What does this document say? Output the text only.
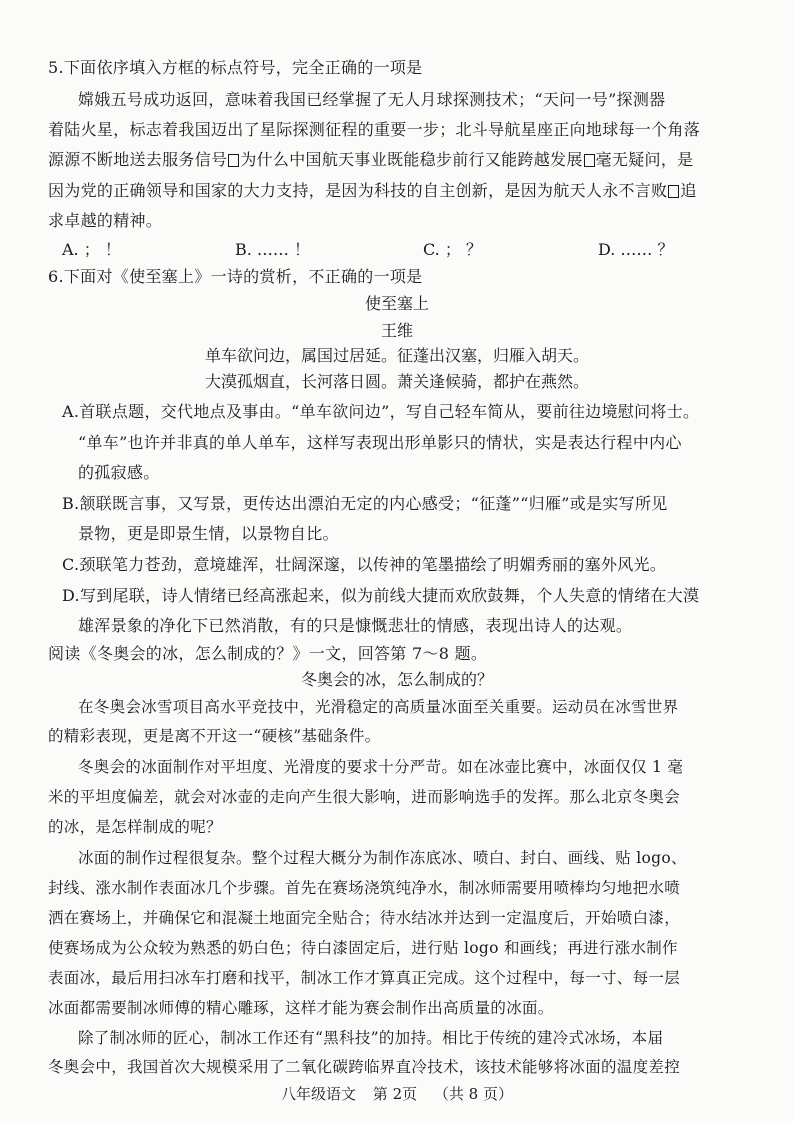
5.下面依序填入方框的标点符号，完全正确的一项是
嫦娥五号成功返回，意味着我国已经掌握了无人月球探测技术；“天问一号”探测器
着陆火星，标志着我国迈出了星际探测征程的重要一步；北斗导航星座正向地球每一个角落
源源不断地送去服务信号 为什么中国航天事业既能稳步前行又能跨越发展 毫无疑问，是
因为党的正确领导和国家的大力支持，是因为科技的自主创新，是因为航天人永不言败 追
求卓越的精神。
A. ； ！	B. …… ！	C. ； ？	D. …… ？
6.下面对《使至塞上》一诗的赏析，不正确的一项是
使至塞上
王维
单车欲问边，属国过居延。征蓬出汉塞，归雁入胡天。
大漠孤烟直，长河落日圆。萧关逢候骑，都护在燕然。
A.首联点题，交代地点及事由。“单车欲问边”，写自己轻车简从，要前往边境慰问将士。
“单车”也许并非真的单人单车，这样写表现出形单影只的情状，实是表达行程中内心
的孤寂感。
B.颔联既言事，又写景，更传达出漂泊无定的内心感受；“征蓬”“归雁”或是实写所见
景物，更是即景生情，以景物自比。
C.颈联笔力苍劲，意境雄浑，壮阔深邃，以传神的笔墨描绘了明媚秀丽的塞外风光。
D.写到尾联，诗人情绪已经高涨起来，似为前线大捷而欢欣鼓舞，个人失意的情绪在大漠
雄浑景象的净化下已然消散，有的只是慷慨悲壮的情感，表现出诗人的达观。
阅读《冬奥会的冰，怎么制成的？》一文，回答第 7～8 题。
冬奥会的冰，怎么制成的？
在冬奥会冰雪项目高水平竞技中，光滑稳定的高质量冰面至关重要。运动员在冰雪世界
的精彩表现，更是离不开这一“硬核”基础条件。
冬奥会的冰面制作对平坦度、光滑度的要求十分严苛。如在冰壶比赛中，冰面仅仅 1 毫
米的平坦度偏差，就会对冰壶的走向产生很大影响，进而影响选手的发挥。那么北京冬奥会
的冰，是怎样制成的呢？
冰面的制作过程很复杂。整个过程大概分为制作冻底冰、喷白、封白、画线、贴 logo、
封线、涨水制作表面冰几个步骤。首先在赛场浇筑纯净水，制冰师需要用喷棒均匀地把水喷
洒在赛场上，并确保它和混凝土地面完全贴合；待水结冰并达到一定温度后，开始喷白漆，
使赛场成为公众较为熟悉的奶白色；待白漆固定后，进行贴 logo 和画线；再进行涨水制作
表面冰，最后用扫冰车打磨和找平，制冰工作才算真正完成。这个过程中，每一寸、每一层
冰面都需要制冰师傅的精心雕琢，这样才能为赛会制作出高质量的冰面。
除了制冰师的匠心，制冰工作还有“黑科技”的加持。相比于传统的建冷式冰场，本届
冬奥会中，我国首次大规模采用了二氧化碳跨临界直冷技术，该技术能够将冰面的温度差控
八年级语文 第 2页 （共 8 页）
